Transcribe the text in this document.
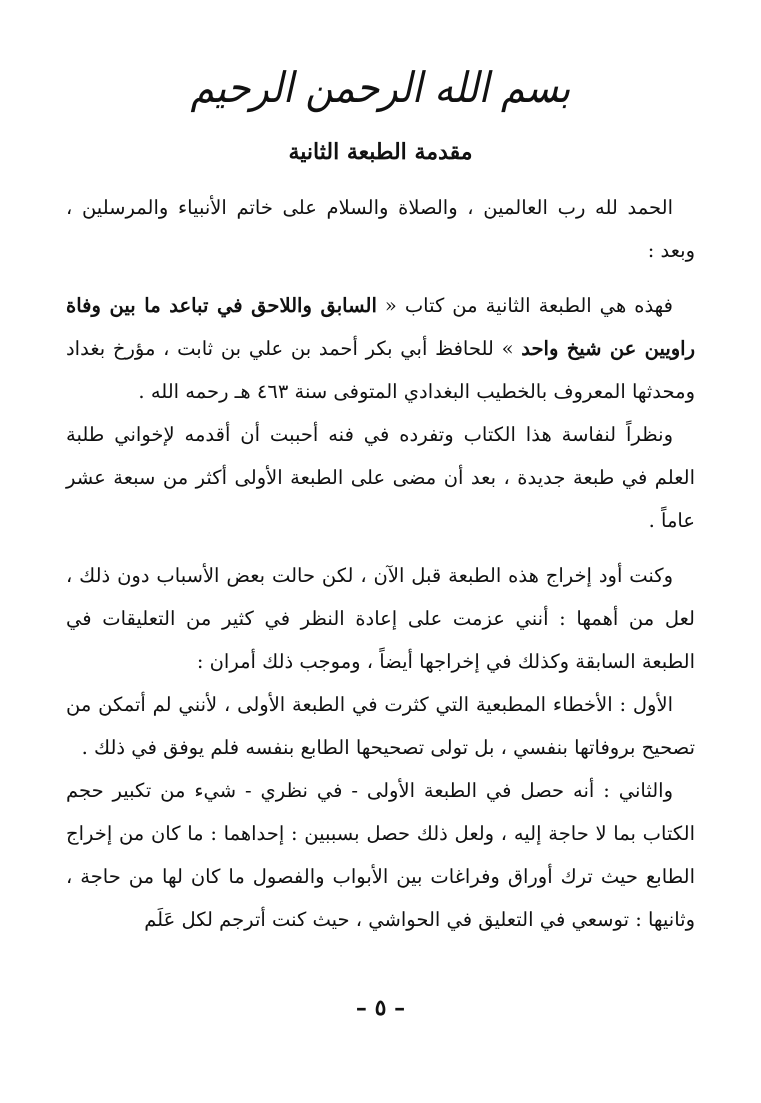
بسم الله الرحمن الرحيم
مقدمة الطبعة الثانية

الحمد لله رب العالمين ، والصلاة والسلام على خاتم الأنبياء والمرسلين ، وبعد :

فهذه هي الطبعة الثانية من كتاب « السابق واللاحق في تباعد ما بين وفاة راويين عن شيخ واحد » للحافظ أبي بكر أحمد بن علي بن ثابت ، مؤرخ بغداد ومحدثها المعروف بالخطيب البغدادي المتوفى سنة ٤٦٣ هـ رحمه الله .

ونظراً لنفاسة هذا الكتاب وتفرده في فنه أحببت أن أقدمه لإخواني طلبة العلم في طبعة جديدة ، بعد أن مضى على الطبعة الأولى أكثر من سبعة عشر عاماً .

وكنت أود إخراج هذه الطبعة قبل الآن ، لكن حالت بعض الأسباب دون ذلك ، لعل من أهمها : أنني عزمت على إعادة النظر في كثير من التعليقات في الطبعة السابقة وكذلك في إخراجها أيضاً ، وموجب ذلك أمران :

الأول : الأخطاء المطبعية التي كثرت في الطبعة الأولى ، لأنني لم أتمكن من تصحيح بروفاتها بنفسي ، بل تولى تصحيحها الطابع بنفسه فلم يوفق في ذلك .

والثاني : أنه حصل في الطبعة الأولى - في نظري - شيء من تكبير حجم الكتاب بما لا حاجة إليه ، ولعل ذلك حصل بسببين : إحداهما : ما كان من إخراج الطابع حيث ترك أوراق وفراغات بين الأبواب والفصول ما كان لها من حاجة ، وثانيها : توسعي في التعليق في الحواشي ، حيث كنت أترجم لكل عَلَم

– ٥ –
